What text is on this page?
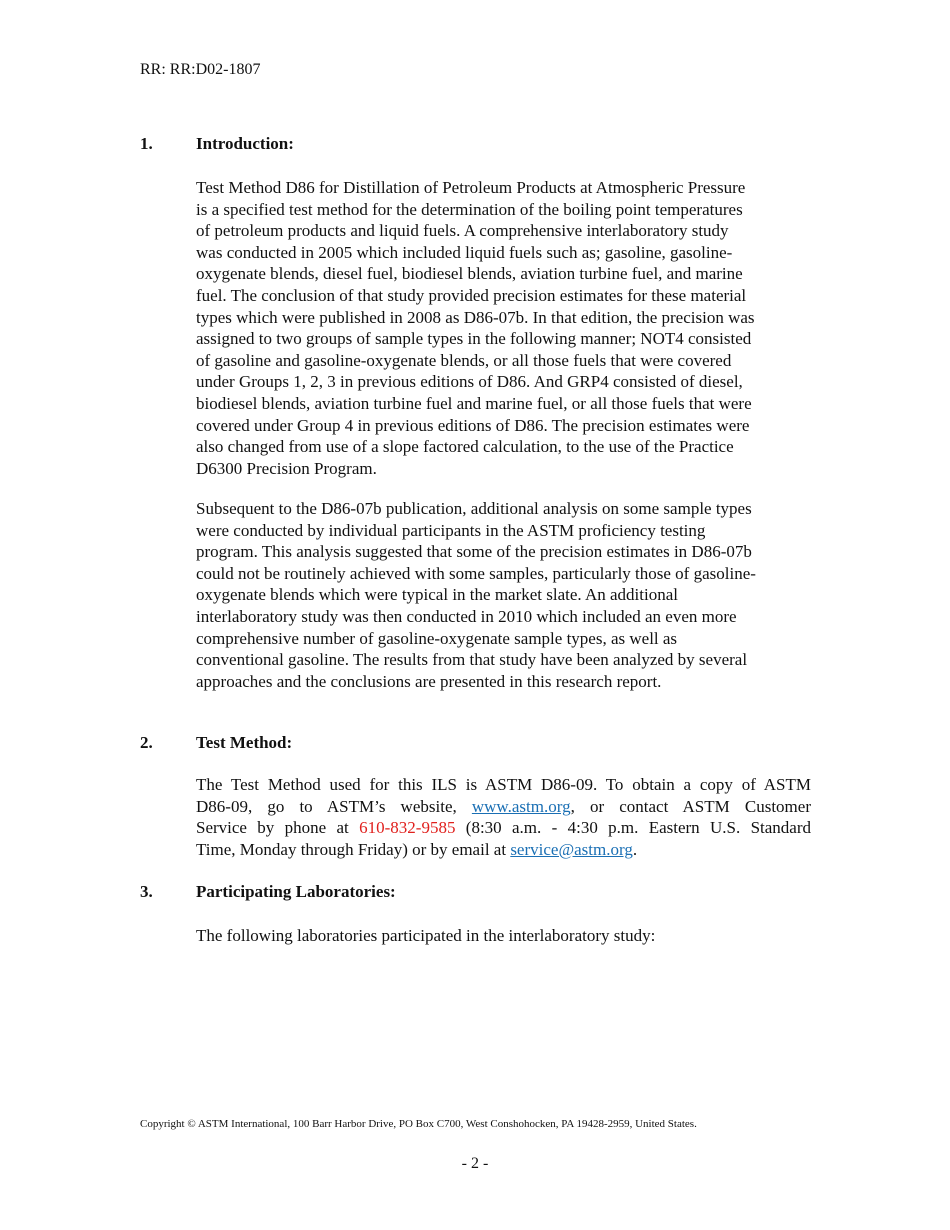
RR: RR:D02-1807
1.	Introduction:
Test Method D86 for Distillation of Petroleum Products at Atmospheric Pressure
is a specified test method for the determination of the boiling point temperatures
of petroleum products and liquid fuels. A comprehensive interlaboratory study
was conducted in 2005 which included liquid fuels such as; gasoline, gasoline-
oxygenate blends, diesel fuel, biodiesel blends, aviation turbine fuel, and marine
fuel. The conclusion of that study provided precision estimates for these material
types which were published in 2008 as D86-07b. In that edition, the precision was
assigned to two groups of sample types in the following manner; NOT4 consisted
of gasoline and gasoline-oxygenate blends, or all those fuels that were covered
under Groups 1, 2, 3 in previous editions of D86. And GRP4 consisted of diesel,
biodiesel blends, aviation turbine fuel and marine fuel, or all those fuels that were
covered under Group 4 in previous editions of D86. The precision estimates were
also changed from use of a slope factored calculation, to the use of the Practice
D6300 Precision Program.
Subsequent to the D86-07b publication, additional analysis on some sample types
were conducted by individual participants in the ASTM proficiency testing
program. This analysis suggested that some of the precision estimates in D86-07b
could not be routinely achieved with some samples, particularly those of gasoline-
oxygenate blends which were typical in the market slate. An additional
interlaboratory study was then conducted in 2010 which included an even more
comprehensive number of gasoline-oxygenate sample types, as well as
conventional gasoline. The results from that study have been analyzed by several
approaches and the conclusions are presented in this research report.
2.	Test Method:
The Test Method used for this ILS is ASTM D86-09. To obtain a copy of ASTM
D86-09, go to ASTM’s website, www.astm.org, or contact ASTM Customer
Service by phone at 610-832-9585 (8:30 a.m. - 4:30 p.m. Eastern U.S. Standard
Time, Monday through Friday) or by email at service@astm.org.
3.	Participating Laboratories:
The following laboratories participated in the interlaboratory study:
Copyright © ASTM International, 100 Barr Harbor Drive, PO Box C700, West Conshohocken, PA 19428-2959, United States.
- 2 -
